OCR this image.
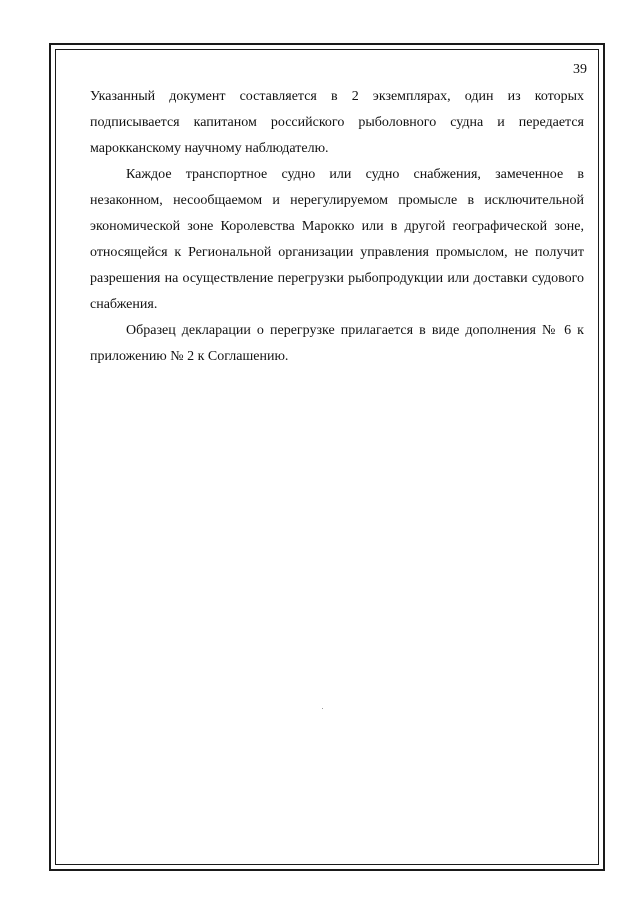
39

Указанный документ составляется в 2 экземплярах, один из которых подписывается капитаном российского рыболовного судна и передается марокканскому научному наблюдателю.

Каждое транспортное судно или судно снабжения, замеченное в незаконном, несообщаемом и нерегулируемом промысле в исключительной экономической зоне Королевства Марокко или в другой географической зоне, относящейся к Региональной организации управления промыслом, не получит разрешения на осуществление перегрузки рыбопродукции или доставки судового снабжения.

Образец декларации о перегрузке прилагается в виде дополнения № 6 к приложению № 2 к Соглашению.
